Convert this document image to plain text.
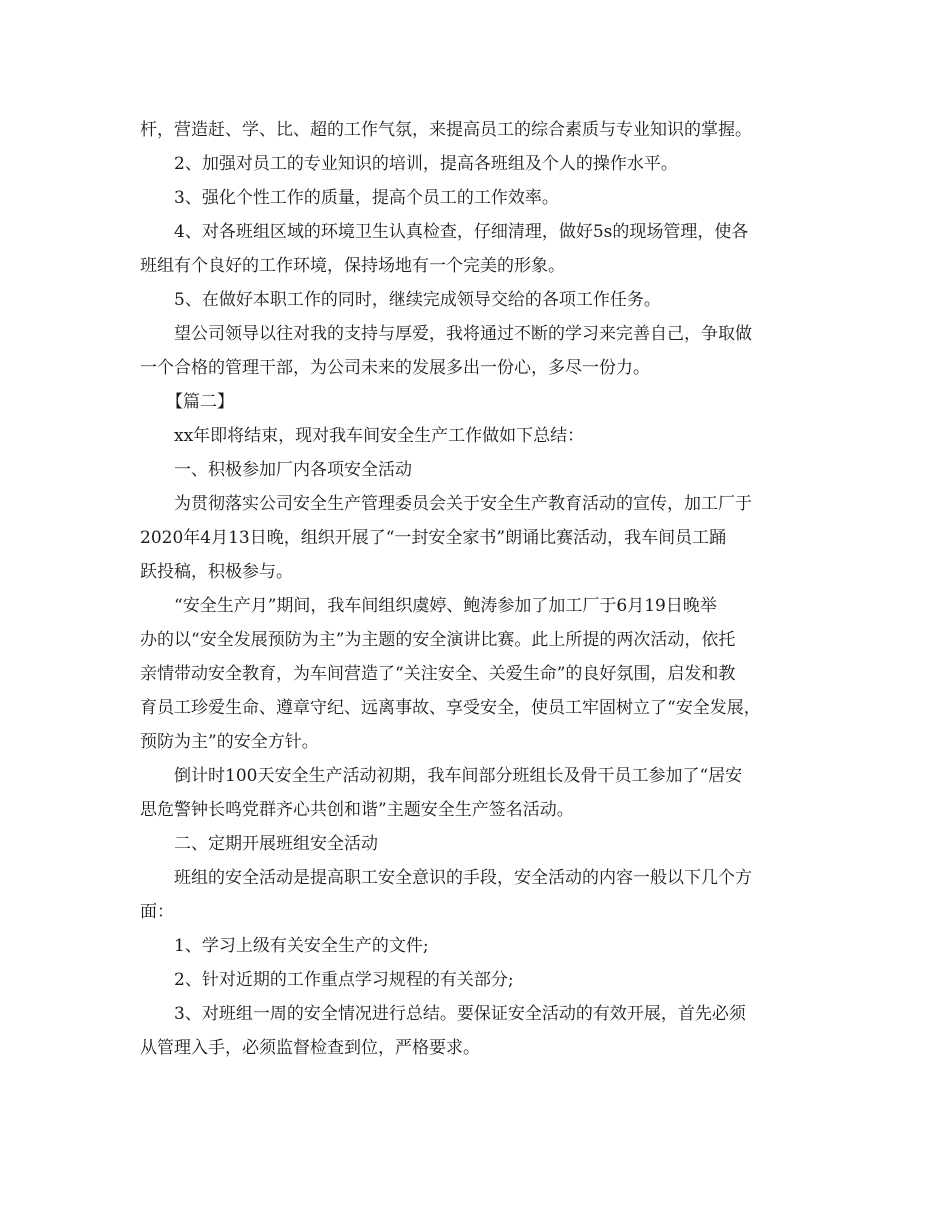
杆，营造赶、学、比、超的工作气氛，来提高员工的综合素质与专业知识的掌握。
2、加强对员工的专业知识的培训，提高各班组及个人的操作水平。
3、强化个性工作的质量，提高个员工的工作效率。
4、对各班组区域的环境卫生认真检查，仔细清理，做好5s的现场管理，使各
班组有个良好的工作环境，保持场地有一个完美的形象。
5、在做好本职工作的同时，继续完成领导交给的各项工作任务。
望公司领导以往对我的支持与厚爱，我将通过不断的学习来完善自己，争取做
一个合格的管理干部，为公司未来的发展多出一份心，多尽一份力。
【篇二】
xx年即将结束，现对我车间安全生产工作做如下总结：
一、积极参加厂内各项安全活动
为贯彻落实公司安全生产管理委员会关于安全生产教育活动的宣传，加工厂于
2020年4月13日晚，组织开展了“一封安全家书”朗诵比赛活动，我车间员工踊
跃投稿，积极参与。
“安全生产月”期间，我车间组织虞婷、鲍涛参加了加工厂于6月19日晚举
办的以“安全发展预防为主”为主题的安全演讲比赛。此上所提的两次活动，依托
亲情带动安全教育，为车间营造了“关注安全、关爱生命”的良好氛围，启发和教
育员工珍爱生命、遵章守纪、远离事故、享受安全，使员工牢固树立了“安全发展，
预防为主”的安全方针。
倒计时100天安全生产活动初期，我车间部分班组长及骨干员工参加了“居安
思危警钟长鸣党群齐心共创和谐”主题安全生产签名活动。
二、定期开展班组安全活动
班组的安全活动是提高职工安全意识的手段，安全活动的内容一般以下几个方
面：
1、学习上级有关安全生产的文件;
2、针对近期的工作重点学习规程的有关部分;
3、对班组一周的安全情况进行总结。要保证安全活动的有效开展，首先必须
从管理入手，必须监督检查到位，严格要求。
